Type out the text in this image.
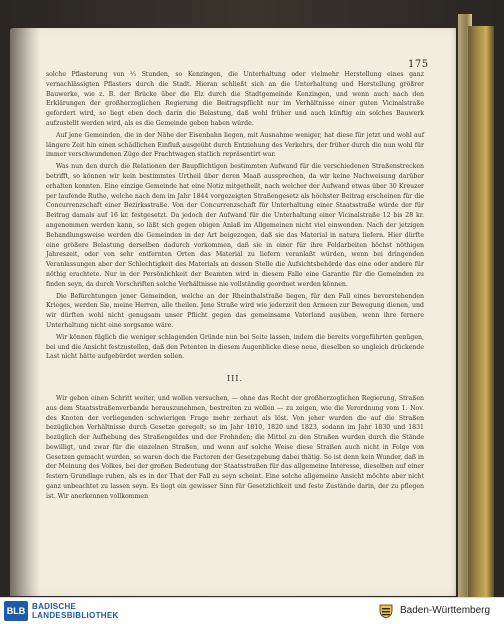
175

solche Pflasterung von ²⁄₃ Stunden, so Kenzingen, die Unterhaltung oder vielmehr Herstellung eines ganz vernachlässigten Pflasters durch die Stadt. Hieran schließt sich an die Unterhaltung und Herstellung größrer Bauwerke, wie z. B. der Brücke über die Elz durch die Stadtgemeinde Kenzingen, und wenn auch nach den Erklärungen der großherzoglichen Regierung die Beitragspflicht nur im Verhältnisse einer guten Vicinalstraße gefordert wird, so liegt eben doch darin die Belastung, daß wohl früher und auch künftig ein solches Bauwerk aufzustellt werden wird, als es die Gemeinde geben haben würde.

Auf jene Gemeinden, die in der Nähe der Eisenbahn liegen, mit Ausnahme weniger, hat diese für jetzt und wohl auf längere Zeit hin einen schädlichen Einfluß ausgeübt durch Entziehung des Verkehrs, der früher durch die nun wohl für immer verschwundenen Züge der Frachtwagen statlich repräsentirt war.

Was nun den durch die Relationen der Baupflichtigen bestimmten Aufwand für die verschiedenen Straßenstrecken betrifft, so können wir kein bestimmtes Urtheil über deren Maaß aussprechen, da wir keine Nachweisung darüber erhalten konnten. Eine einzige Gemeinde hat eine Notiz mitgetheilt, nach welcher der Aufwand etwas über 30 Kreuzer per laufende Ruthe, welche nach dem im Jahr 1844 vorgezeigten Straßengesetz als höchster Beitrag erscheinen für die Concurrenzschaft einer Bezirksstraße. Von der Concurrenzschaft für Unterhaltung einer Staatsstraße würde der für Beitrag damals auf 16 kr. festgesetzt. Da jedoch der Aufwand für die Unterhaltung einer Vicinalstraße 12 bis 28 kr. angenommen werden kann, so läßt sich gegen obigen Anlaß im Allgemeinen nicht viel einwenden. Nach der jetzigen Behandlungsweise werden die Gemeinden in der Art beigezogen, daß sie das Material in natura liefern. Hier dürfte eine größere Belastung derselben dadurch vorkommen, daß sie in einer für ihre Feldarbeiten höchst nöthigen Jahreszeit, oder von sehr entfernten Orten das Material zu liefern veranlaßt würden, wenn bei dringenden Veranlassungen aber der Schlechtigkeit des Materials an dessen Stelle die Aufsichtsbehörde das eine oder andere für nöthig erachtete. Nur in der Persönlichkeit der Beamten wird in diesem Falle eine Garantie für die Gemeinden zu finden seyn, da durch Vorschriften solche Verhältnisse nie vollständig geordnet werden können.

Die Befürchtungen jener Gemeinden, welche an der Rheinthalstraße liegen, für den Fall eines bevorstehenden Krieges, werden Sie, meine Herren, alle theilen. Jene Straße wird wie jederzeit den Armeen zur Bewegung dienen, und wir dürften wohl nicht genugsam unser Pflicht gegen das gemeinsame Vaterland ausüben, wenn ihre fernere Unterhaltung nicht eine sorgsame wäre.

Wir können füglich die weniger schlagenden Gründe nun bei Seite lassen, indem die bereits vorgeführten genügen, bei und die Ansicht festzustellen, daß den Petenten in diesem Augenblicke diese neue, dieselben so ungleich drückende Last nicht hätte aufgebürdet werden sollen.

III.

Wir geben einen Schritt weiter, und wollen versuchen, — ohne das Recht der großherzoglichen Regierung, Straßen aus dem Staatsstraßenverbande herauszunehmen, bestreiten zu wollen — zu zeigen, wie die Verordnung vom 1. Nov. des Knoten der vorliegenden schwierigen Frage mehr zerhaut als löst. Von jeher wurden die auf die Straßen bezüglichen Verhältnisse durch Gesetze geregelt; so im Jahr 1810, 1820 und 1823, sodann im Jahr 1830 und 1831 bezüglich der Aufhebung des Straßengeldes und der Frohnden; die Mittel zu den Straßen wurden durch die Stände bewilligt, und zwar für die einzelnen Straßen, und wenn auf solche Weise diese Straßen auch nicht in Folge von Gesetzen gemacht wurden, so waren doch die Factoren der Gesetzgebung dabei thätig. So ist denn kein Wunder, daß in der Meinung des Volkes, bei der großen Bedeutung der Staatsstraßen für das allgemeine Interesse, dieselben auf einer festern Grundlage ruhen, als es in der That der Fall zu seyn scheint. Eine solche allgemeine Ansicht möchte aber nicht ganz unbeachtet zu lassen seyn. Es liegt ein gewisser Sinn für Gesetzlichkeit und feste Zustände darin, der zu pflegen ist. Wir anerkennen vollkommen

BLB BADISCHE
LANDESBIBLIOTHEK	Baden-Württemberg
